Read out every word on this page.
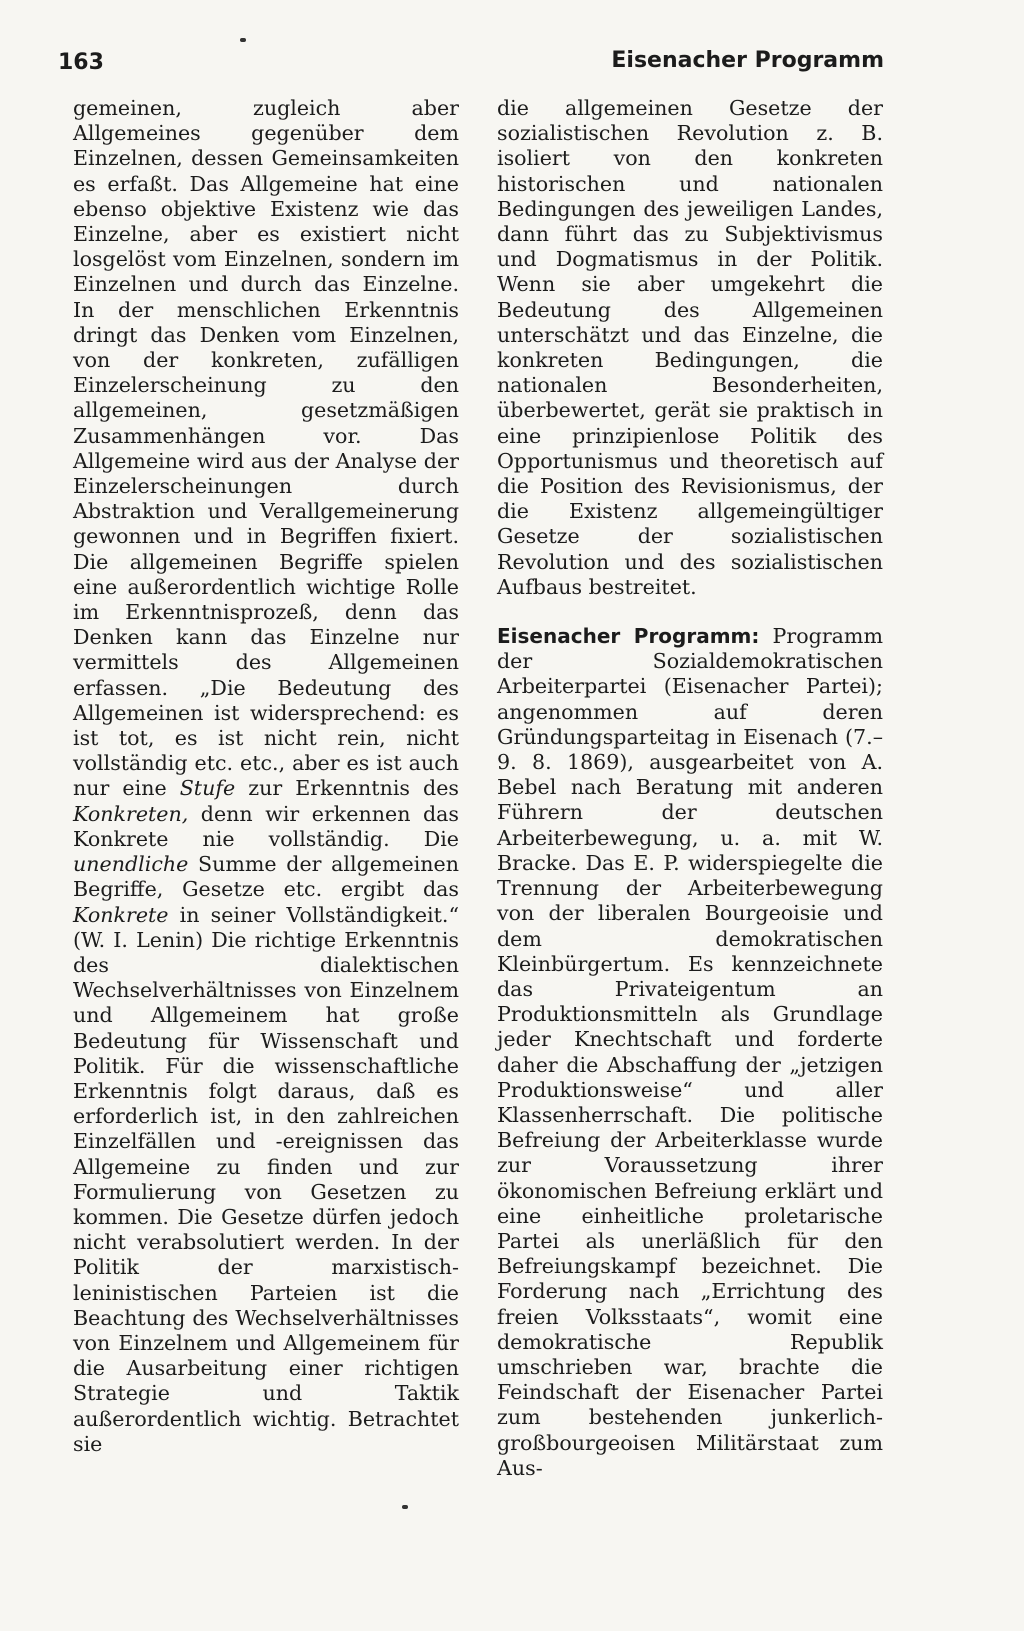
163	Eisenacher Programm

gemeinen, zugleich aber Allgemeines gegenüber dem Einzelnen, dessen Gemeinsamkeiten es erfaßt. Das Allgemeine hat eine ebenso objektive Existenz wie das Einzelne, aber es existiert nicht losgelöst vom Einzelnen, sondern im Einzelnen und durch das Einzelne. In der menschlichen Erkenntnis dringt das Denken vom Einzelnen, von der konkreten, zufälligen Einzelerscheinung zu den allgemeinen, gesetzmäßigen Zusammenhängen vor. Das Allgemeine wird aus der Analyse der Einzelerscheinungen durch Abstraktion und Verallgemeinerung gewonnen und in Begriffen fixiert. Die allgemeinen Begriffe spielen eine außerordentlich wichtige Rolle im Erkenntnisprozeß, denn das Denken kann das Einzelne nur vermittels des Allgemeinen erfassen. „Die Bedeutung des Allgemeinen ist widersprechend: es ist tot, es ist nicht rein, nicht vollständig etc. etc., aber es ist auch nur eine Stufe zur Erkenntnis des Konkreten, denn wir erkennen das Konkrete nie vollständig. Die unendliche Summe der allgemeinen Begriffe, Gesetze etc. ergibt das Konkrete in seiner Vollständigkeit.“ (W. I. Lenin) Die richtige Erkenntnis des dialektischen Wechselverhältnisses von Einzelnem und Allgemeinem hat große Bedeutung für Wissenschaft und Politik. Für die wissenschaftliche Erkenntnis folgt daraus, daß es erforderlich ist, in den zahlreichen Einzelfällen und -ereignissen das Allgemeine zu finden und zur Formulierung von Gesetzen zu kommen. Die Gesetze dürfen jedoch nicht verabsolutiert werden. In der Politik der marxistisch-leninistischen Parteien ist die Beachtung des Wechselverhältnisses von Einzelnem und Allgemeinem für die Ausarbeitung einer richtigen Strategie und Taktik außerordentlich wichtig. Betrachtet sie

die allgemeinen Gesetze der sozialistischen Revolution z. B. isoliert von den konkreten historischen und nationalen Bedingungen des jeweiligen Landes, dann führt das zu Subjektivismus und Dogmatismus in der Politik. Wenn sie aber umgekehrt die Bedeutung des Allgemeinen unterschätzt und das Einzelne, die konkreten Bedingungen, die nationalen Besonderheiten, überbewertet, gerät sie praktisch in eine prinzipienlose Politik des Opportunismus und theoretisch auf die Position des Revisionismus, der die Existenz allgemeingültiger Gesetze der sozialistischen Revolution und des sozialistischen Aufbaus bestreitet.

Eisenacher Programm: Programm der Sozialdemokratischen Arbeiterpartei (Eisenacher Partei); angenommen auf deren Gründungsparteitag in Eisenach (7.–9. 8. 1869), ausgearbeitet von A. Bebel nach Beratung mit anderen Führern der deutschen Arbeiterbewegung, u. a. mit W. Bracke. Das E. P. widerspiegelte die Trennung der Arbeiterbewegung von der liberalen Bourgeoisie und dem demokratischen Kleinbürgertum. Es kennzeichnete das Privateigentum an Produktionsmitteln als Grundlage jeder Knechtschaft und forderte daher die Abschaffung der „jetzigen Produktionsweise“ und aller Klassenherrschaft. Die politische Befreiung der Arbeiterklasse wurde zur Voraussetzung ihrer ökonomischen Befreiung erklärt und eine einheitliche proletarische Partei als unerläßlich für den Befreiungskampf bezeichnet. Die Forderung nach „Errichtung des freien Volksstaats“, womit eine demokratische Republik umschrieben war, brachte die Feindschaft der Eisenacher Partei zum bestehenden junkerlich-großbourgeoisen Militärstaat zum Aus-
